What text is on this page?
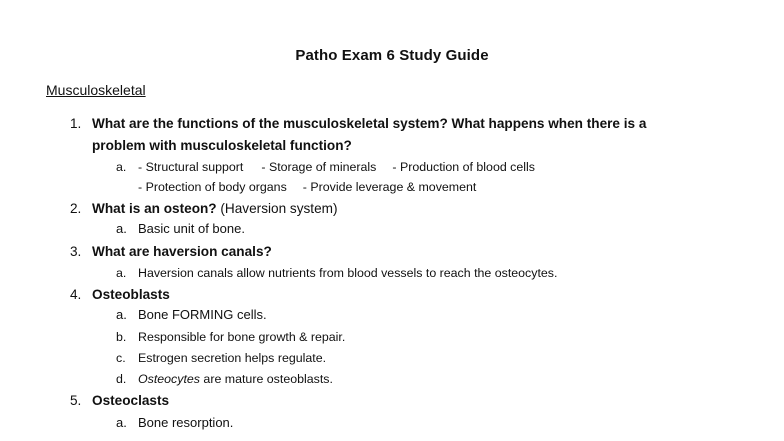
Patho Exam 6 Study Guide
Musculoskeletal
1. What are the functions of the musculoskeletal system? What happens when there is a
problem with musculoskeletal function?
a. - Structural support - Storage of minerals - Production of blood cells
- Protection of body organs - Provide leverage & movement
2. What is an osteon? (Haversion system)
a. Basic unit of bone.
3. What are haversion canals?
a. Haversion canals allow nutrients from blood vessels to reach the osteocytes.
4. Osteoblasts
a. Bone FORMING cells.
b. Responsible for bone growth & repair.
c. Estrogen secretion helps regulate.
d. Osteocytes are mature osteoblasts.
5. Osteoclasts
a. Bone resorption.
